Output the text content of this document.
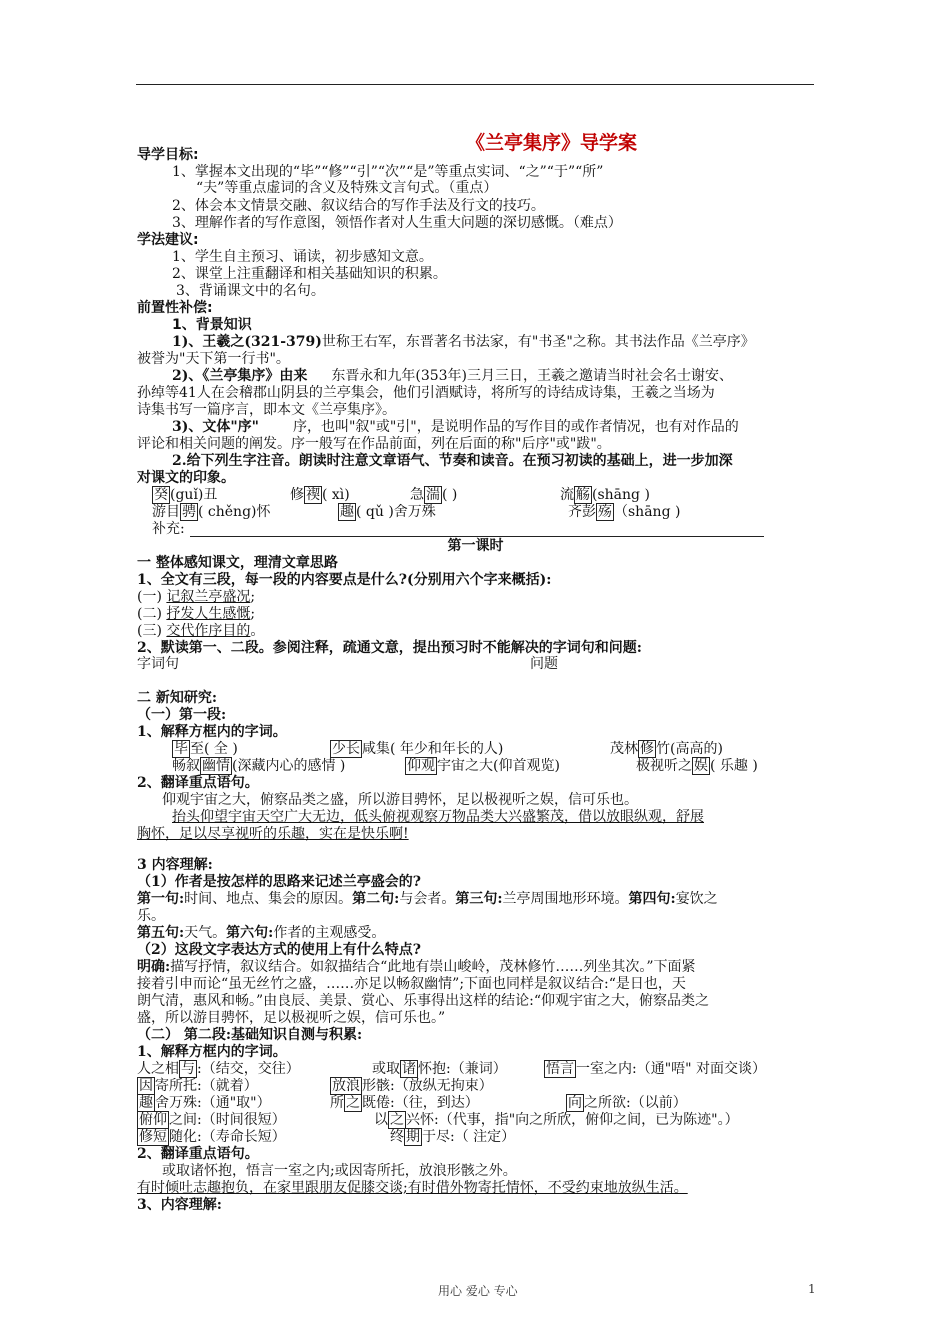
《兰亭集序》导学案
导学目标:
1、掌握本文出现的“毕”“修”“引”“次”“是”等重点实词、“之”“于”“所”
“夫”等重点虚词的含义及特殊文言句式。（重点）
2、体会本文情景交融、叙议结合的写作手法及行文的技巧。
3、理解作者的写作意图，领悟作者对人生重大问题的深切感慨。（难点）
学法建议:
1、学生自主预习、诵读，初步感知文意。
2、课堂上注重翻译和相关基础知识的积累。
3、背诵课文中的名句。
前置性补偿:
1、背景知识
1)、王羲之(321-379)世称王右军，东晋著名书法家，有"书圣"之称。其书法作品《兰亭序》
被誉为"天下第一行书"。
2)、《兰亭集序》由来 东晋永和九年(353年)三月三日，王羲之邀请当时社会名士谢安、
孙绰等41人在会稽郡山阴县的兰亭集会，他们引酒赋诗，将所写的诗结成诗集，王羲之当场为
诗集书写一篇序言，即本文《兰亭集序》。
3)、文体"序" 序，也叫"叙"或"引"，是说明作品的写作目的或作者情况，也有对作品的
评论和相关问题的阐发。序一般写在作品前面，列在后面的称"后序"或"跋"。
2.给下列生字注音。朗读时注意文章语气、节奏和读音。在预习初读的基础上，进一步加深
对课文的印象。
癸 (guǐ)丑	修 禊 ( xì)	急 湍 ( )	流 觞 (shāng )
游目 骋 ( chěng)怀	趣 ( qǔ )舍万殊	齐彭 殇 （shāng )
补充:
第一课时
一 整体感知课文，理清文章思路
1、全文有三段，每一段的内容要点是什么?(分别用六个字来概括):
(一) 记叙兰亭盛况;
(二) 抒发人生感慨;
(三) 交代作序目的。
2、默读第一、二段。参阅注释，疏通文意，提出预习时不能解决的字词句和问题:
字词句	问题
二 新知研究:
（一）第一段:
1、解释方框内的字词。
毕 至( 全 )	少长 咸集( 年少和年长的人)	茂林 修 竹(高高的)
畅叙 幽情 (深藏内心的感情 )	仰观 宇宙之大(仰首观览)	极视听之 娱 ( 乐趣 )
2、翻译重点语句。
仰观宇宙之大，俯察品类之盛，所以游目骋怀，足以极视听之娱，信可乐也。
抬头仰望宇宙天空广大无边，低头俯视观察万物品类大兴盛繁茂，借以放眼纵观，舒展
胸怀，足以尽享视听的乐趣，实在是快乐啊!
3 内容理解:
（1）作者是按怎样的思路来记述兰亭盛会的?
第一句:时间、地点、集会的原因。第二句:与会者。第三句:兰亭周围地形环境。第四句:宴饮之
乐。
第五句:天气。第六句:作者的主观感受。
（2）这段文字表达方式的使用上有什么特点?
明确:描写抒情，叙议结合。如叙描结合“此地有崇山峻岭，茂林修竹……列坐其次。”下面紧
接着引申而论“虽无丝竹之盛，……亦足以畅叙幽情”;下面也同样是叙议结合:“是日也，天
朗气清，惠风和畅。”由良辰、美景、赏心、乐事得出这样的结论:“仰观宇宙之大，俯察品类之
盛，所以游目骋怀，足以极视听之娱，信可乐也。”
（二） 第二段:基础知识自测与积累:
1、解释方框内的字词。
人之相 与 :（结交，交往）	或取 诸 怀抱:（兼词）	悟言 一室之内:（通"唔" 对面交谈）
因 寄所托:（就着）	放浪 形骸:（放纵无拘束）
趣 舍万殊:（通"取"）	所 之 既倦:（往，到达）	向 之所欲:（以前）
俯仰 之间:（时间很短）	以 之 兴怀:（代事，指"向之所欣，俯仰之间，已为陈迹"。）
修短 随化:（寿命长短）	终 期 于尽:（ 注定）
2、翻译重点语句。
或取诸怀抱，悟言一室之内;或因寄所托，放浪形骸之外。
有时倾吐志趣抱负，在家里跟朋友促膝交谈;有时借外物寄托情怀，不受约束地放纵生活。
3、内容理解:
用心 爱心 专心	1
